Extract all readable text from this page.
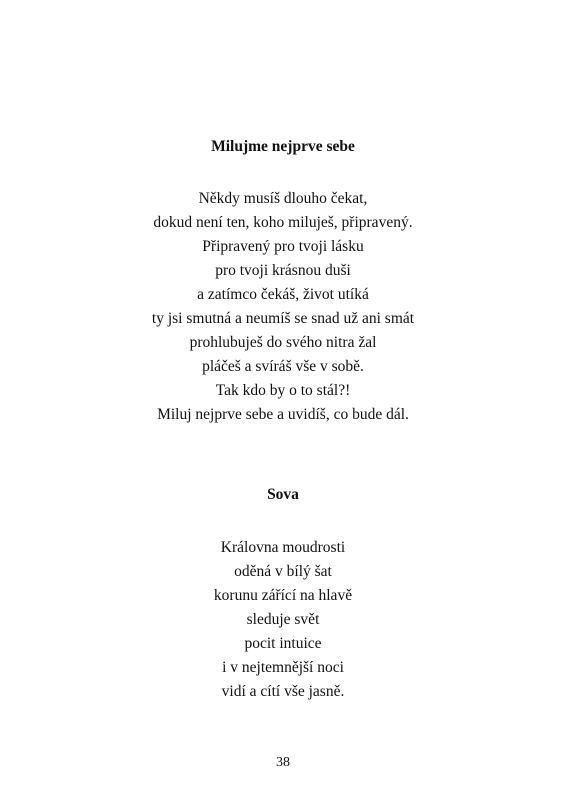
Milujme nejprve sebe
Někdy musíš dlouho čekat,
dokud není ten, koho miluješ, připravený.
Připravený pro tvoji lásku
pro tvoji krásnou duši
a zatímco čekáš, život utíká
ty jsi smutná a neumíš se snad už ani smát
prohlubuješ do svého nitra žal
pláčeš a svíráš vše v sobě.
Tak kdo by o to stál?!
Miluj nejprve sebe a uvidíš, co bude dál.
Sova
Královna moudrosti
oděná v bílý šat
korunu zářící na hlavě
sleduje svět
pocit intuice
i v nejtemnější noci
vidí a cítí vše jasně.
38
